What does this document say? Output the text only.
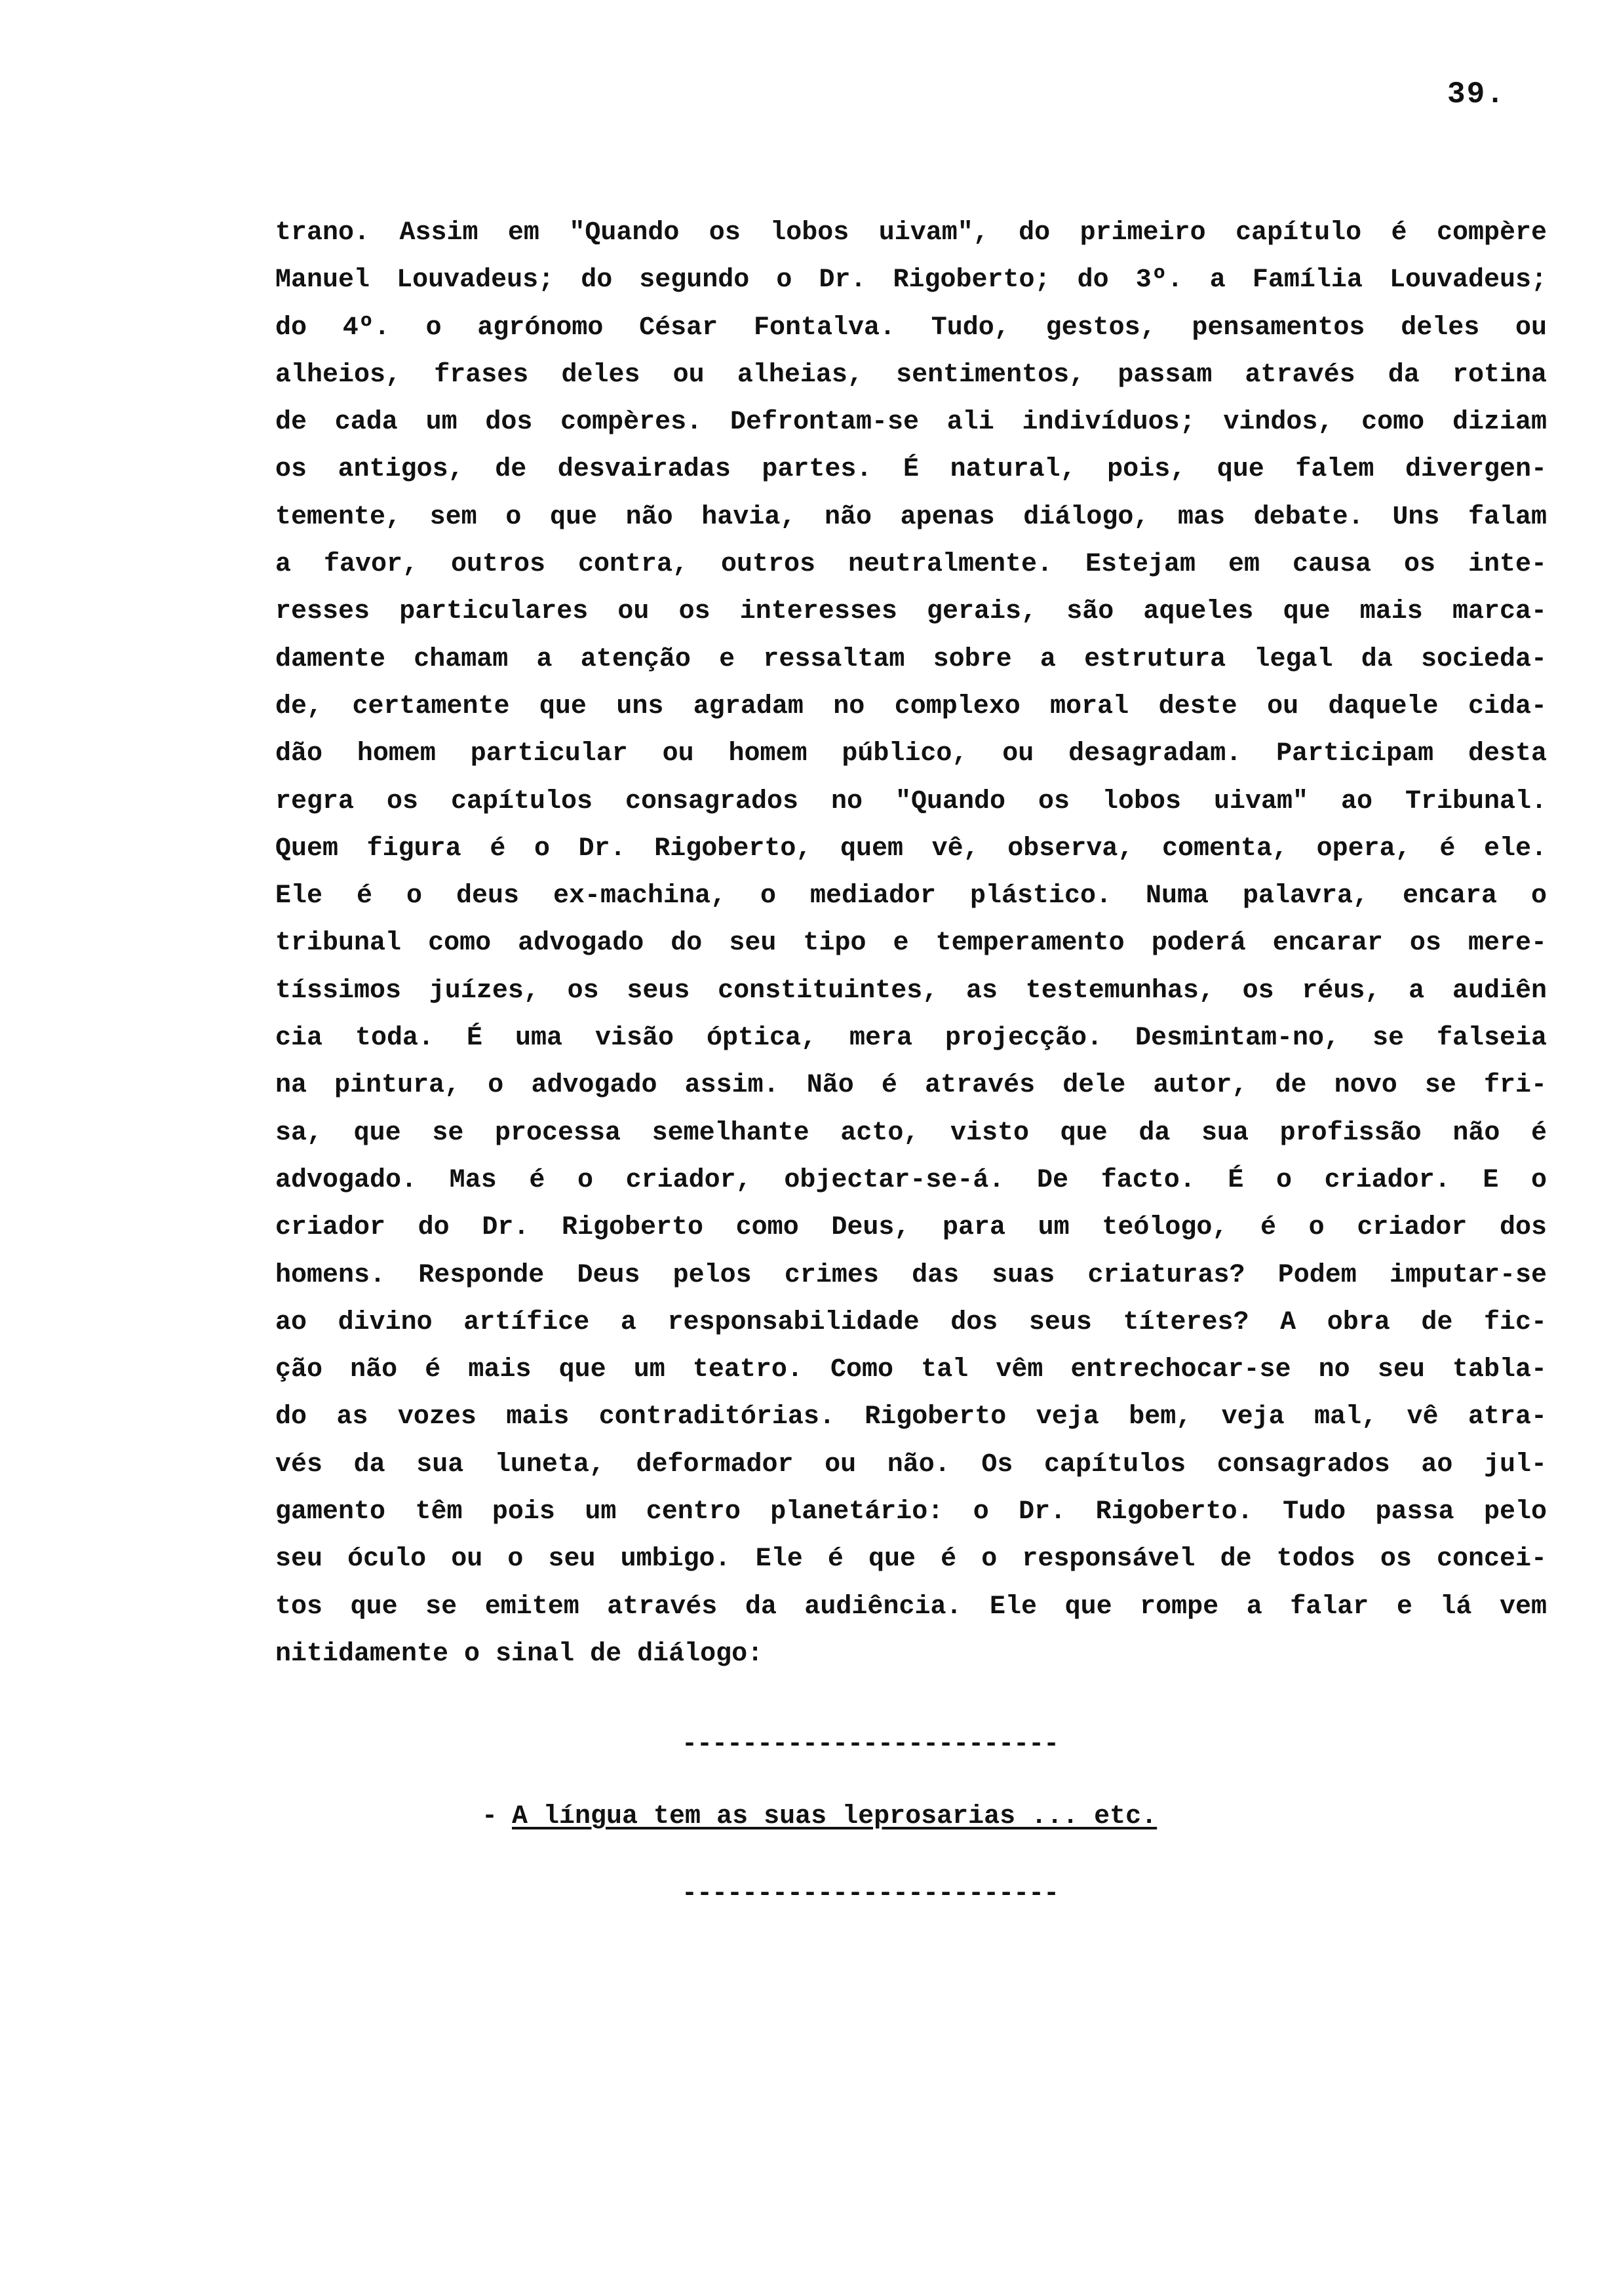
39.
trano. Assim em "Quando os lobos uivam", do primeiro capítulo é compère
Manuel Louvadeus; do segundo o Dr. Rigoberto; do 3º. a Família Louvadeus;
do 4º. o agrónomo César Fontalva. Tudo, gestos, pensamentos deles ou
alheios, frases deles ou alheias, sentimentos, passam através da rotina
de cada um dos compères. Defrontam-se ali indivíduos; vindos, como diziam
os antigos, de desvairadas partes. É natural, pois, que falem divergen-
temente, sem o que não havia, não apenas diálogo, mas debate. Uns falam
a favor, outros contra, outros neutralmente. Estejam em causa os inte-
resses particulares ou os interesses gerais, são aqueles que mais marca-
damente chamam a atenção e ressaltam sobre a estrutura legal da socieda-
de, certamente que uns agradam no complexo moral deste ou daquele cida-
dão homem particular ou homem público, ou desagradam. Participam desta
regra os capítulos consagrados no "Quando os lobos uivam" ao Tribunal.
Quem figura é o Dr. Rigoberto, quem vê, observa, comenta, opera, é ele.
Ele é o deus ex-machina, o mediador plástico. Numa palavra, encara o
tribunal como advogado do seu tipo e temperamento poderá encarar os mere-
tíssimos juízes, os seus constituintes, as testemunhas, os réus, a audiên
cia toda. É uma visão óptica, mera projecção. Desmintam-no, se falseia
na pintura, o advogado assim. Não é através dele autor, de novo se fri-
sa, que se processa semelhante acto, visto que da sua profissão não é
advogado. Mas é o criador, objectar-se-á. De facto. É o criador. E o
criador do Dr. Rigoberto como Deus, para um teólogo, é o criador dos
homens. Responde Deus pelos crimes das suas criaturas? Podem imputar-se
ao divino artífice a responsabilidade dos seus títeres? A obra de fic-
ção não é mais que um teatro. Como tal vêm entrechocar-se no seu tabla-
do as vozes mais contraditórias. Rigoberto veja bem, veja mal, vê atra-
vés da sua luneta, deformador ou não. Os capítulos consagrados ao jul-
gamento têm pois um centro planetário: o Dr. Rigoberto. Tudo passa pelo
seu óculo ou o seu umbigo. Ele é que é o responsável de todos os concei-
tos que se emitem através da audiência. Ele que rompe a falar e lá vem
nitidamente o sinal de diálogo:
-------------------------
- A língua tem as suas leprosarias ... etc.
-------------------------
